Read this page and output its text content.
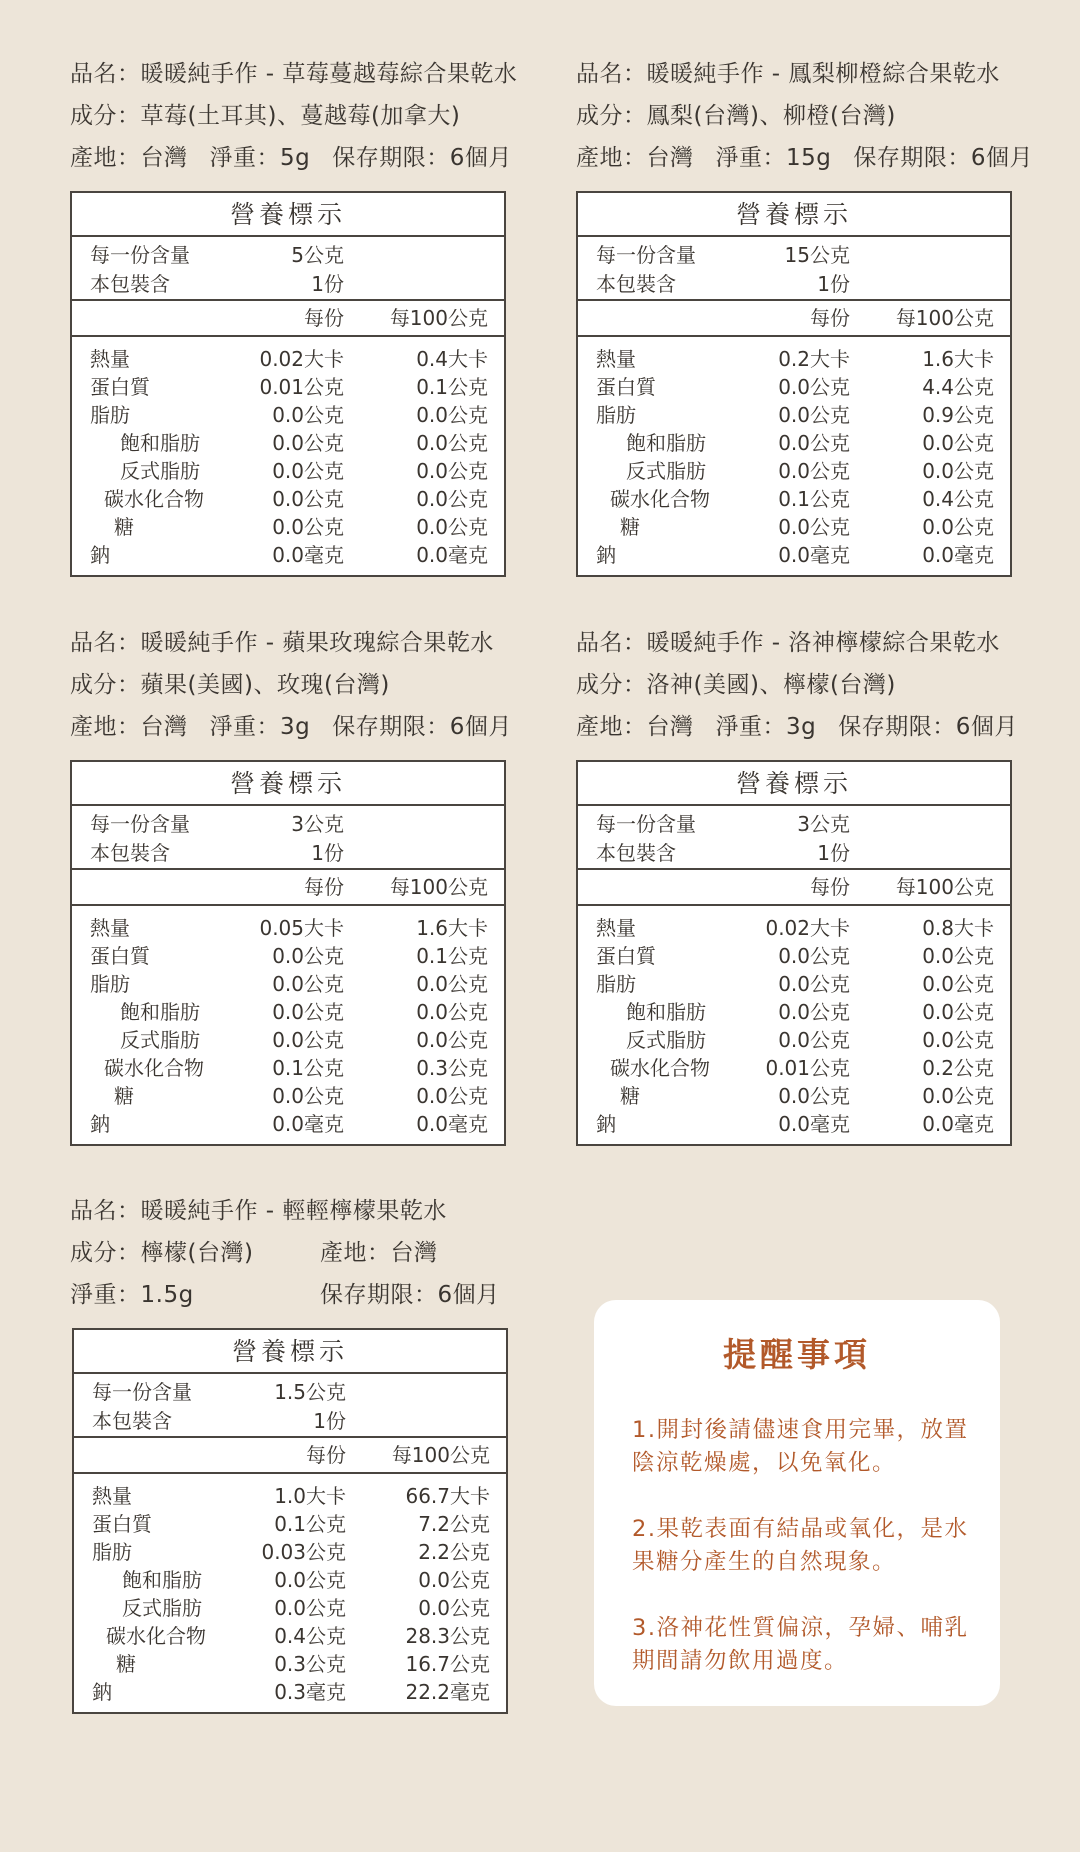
品名：暖暖純手作 - 草莓蔓越莓綜合果乾水
成分：草莓(土耳其)、蔓越莓(加拿大)
產地：台灣 淨重：5g 保存期限：6個月
營養標示
每一份含量	5公克
本包裝含	1份
每份 每100公克
熱量	0.02大卡	0.4大卡
蛋白質	0.01公克	0.1公克
脂肪	0.0公克	0.0公克
飽和脂肪	0.0公克	0.0公克
反式脂肪	0.0公克	0.0公克
碳水化合物	0.0公克	0.0公克
糖	0.0公克	0.0公克
鈉	0.0毫克	0.0毫克
品名：暖暖純手作 - 鳳梨柳橙綜合果乾水
成分：鳳梨(台灣)、柳橙(台灣)
產地：台灣 淨重：15g 保存期限：6個月
營養標示
每一份含量	15公克
本包裝含	1份
每份 每100公克
熱量	0.2大卡	1.6大卡
蛋白質	0.0公克	4.4公克
脂肪	0.0公克	0.9公克
飽和脂肪	0.0公克	0.0公克
反式脂肪	0.0公克	0.0公克
碳水化合物	0.1公克	0.4公克
糖	0.0公克	0.0公克
鈉	0.0毫克	0.0毫克
品名：暖暖純手作 - 蘋果玫瑰綜合果乾水
成分：蘋果(美國)、玫瑰(台灣)
產地：台灣 淨重：3g 保存期限：6個月
營養標示
每一份含量	3公克
本包裝含	1份
每份 每100公克
熱量	0.05大卡	1.6大卡
蛋白質	0.0公克	0.1公克
脂肪	0.0公克	0.0公克
飽和脂肪	0.0公克	0.0公克
反式脂肪	0.0公克	0.0公克
碳水化合物	0.1公克	0.3公克
糖	0.0公克	0.0公克
鈉	0.0毫克	0.0毫克
品名：暖暖純手作 - 洛神檸檬綜合果乾水
成分：洛神(美國)、檸檬(台灣)
產地：台灣 淨重：3g 保存期限：6個月
營養標示
每一份含量	3公克
本包裝含	1份
每份 每100公克
熱量	0.02大卡	0.8大卡
蛋白質	0.0公克	0.0公克
脂肪	0.0公克	0.0公克
飽和脂肪	0.0公克	0.0公克
反式脂肪	0.0公克	0.0公克
碳水化合物	0.01公克	0.2公克
糖	0.0公克	0.0公克
鈉	0.0毫克	0.0毫克
品名：暖暖純手作 - 輕輕檸檬果乾水
成分：檸檬(台灣)	產地：台灣
淨重：1.5g	保存期限：6個月
營養標示
每一份含量	1.5公克
本包裝含	1份
每份 每100公克
熱量	1.0大卡	66.7大卡
蛋白質	0.1公克	7.2公克
脂肪	0.03公克	2.2公克
飽和脂肪	0.0公克	0.0公克
反式脂肪	0.0公克	0.0公克
碳水化合物	0.4公克	28.3公克
糖	0.3公克	16.7公克
鈉	0.3毫克	22.2毫克
提醒事項

1.開封後請儘速食用完畢，放置陰涼乾燥處，以免氧化。

2.果乾表面有結晶或氧化，是水果糖分產生的自然現象。

3.洛神花性質偏涼，孕婦、哺乳期間請勿飲用過度。
